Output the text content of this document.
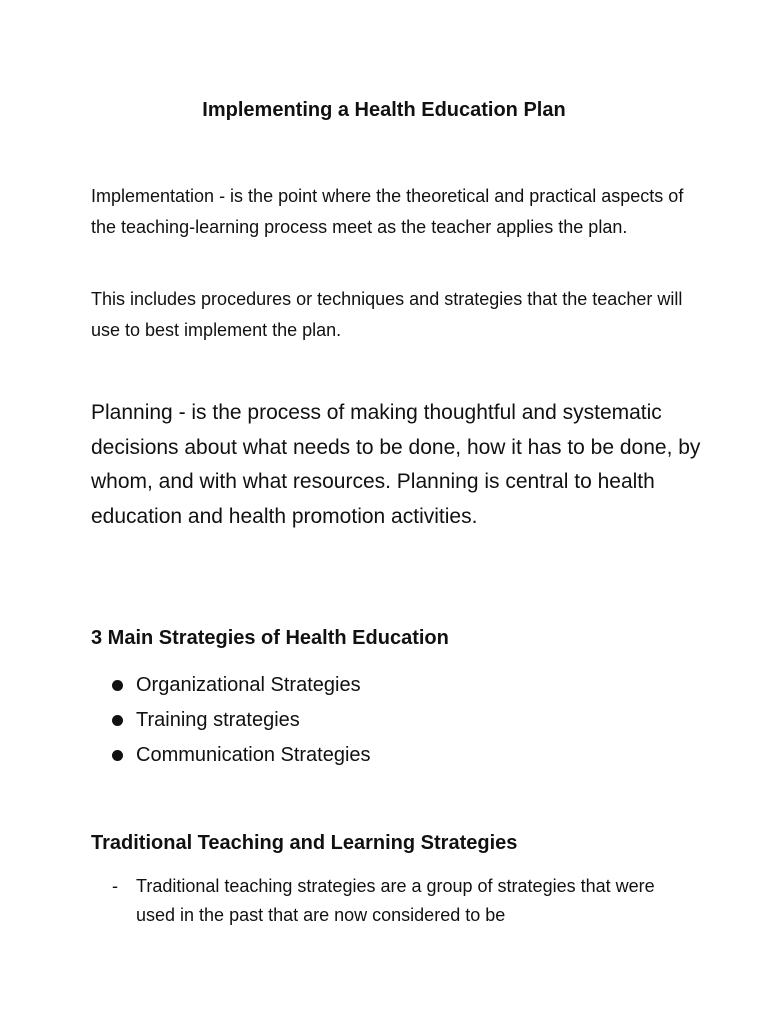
Implementing a Health Education Plan

Implementation - is the point where the theoretical and practical aspects of the teaching-learning process meet as the teacher applies the plan.

This includes procedures or techniques and strategies that the teacher will use to best implement the plan.

Planning - is the process of making thoughtful and systematic decisions about what needs to be done, how it has to be done, by whom, and with what resources. Planning is central to health education and health promotion activities.

3 Main Strategies of Health Education
Organizational Strategies
Training strategies
Communication Strategies
Traditional Teaching and Learning Strategies
- Traditional teaching strategies are a group of strategies that were used in the past that are now considered to be
